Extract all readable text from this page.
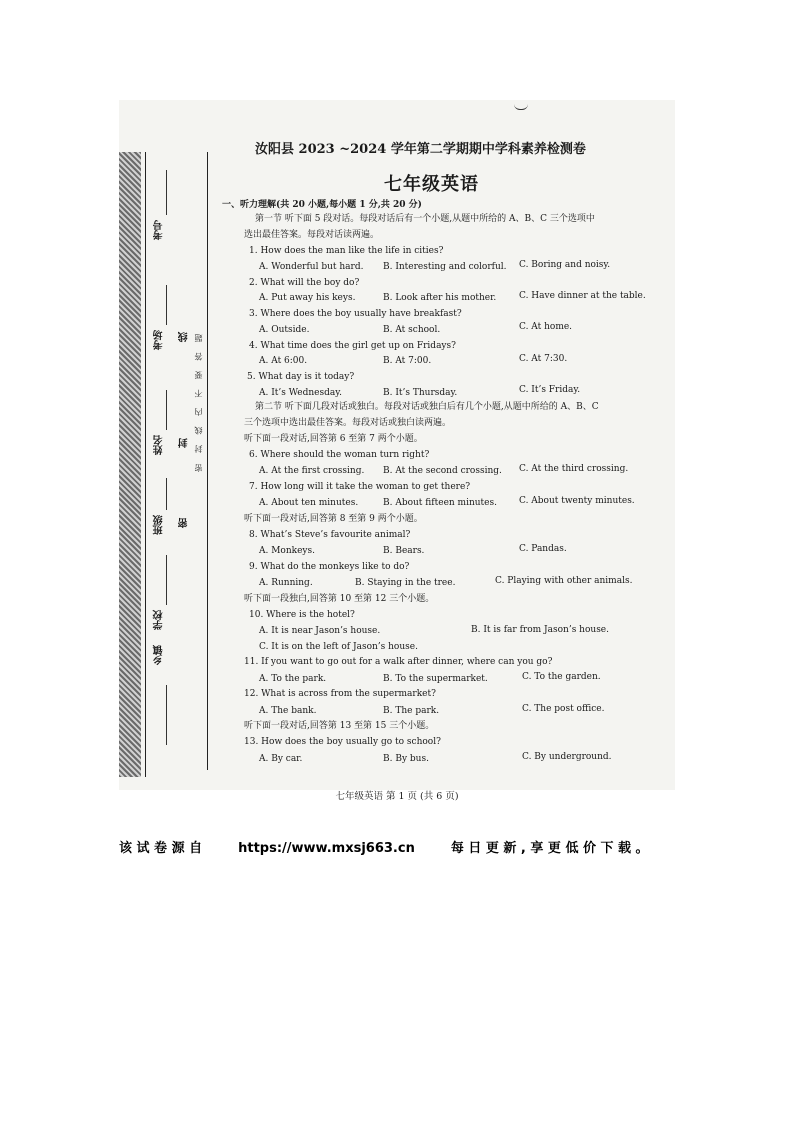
考号
考场
姓名
班级
学校
乡镇
线
封
密
密 封 线 内 不 要 答 题
汝阳县 2023 ~2024 学年第二学期期中学科素养检测卷
七年级英语
一、听力理解(共 20 小题,每小题 1 分,共 20 分)
第一节 听下面 5 段对话。每段对话后有一个小题,从题中所给的 A、B、C 三个选项中
选出最佳答案。每段对话读两遍。
1. How does the man like the life in cities?
A. Wonderful but hard. B. Interesting and colorful. C. Boring and noisy.
2. What will the boy do?
A. Put away his keys.	B. Look after his mother.	C. Have dinner at the table.
3. Where does the boy usually have breakfast?
A. Outside.	B. At school.	C. At home.
4. What time does the girl get up on Fridays?
A. At 6:00.	B. At 7:00.	C. At 7:30.
5. What day is it today?
A. It’s Wednesday.	B. It’s Thursday.	C. It’s Friday.
第二节 听下面几段对话或独白。每段对话或独白后有几个小题,从题中所给的 A、B、C
三个选项中选出最佳答案。每段对话或独白读两遍。
听下面一段对话,回答第 6 至第 7 两个小题。
6. Where should the woman turn right?
A. At the first crossing. B. At the second crossing. C. At the third crossing.
7. How long will it take the woman to get there?
A. About ten minutes.	B. About fifteen minutes. C. About twenty minutes.
听下面一段对话,回答第 8 至第 9 两个小题。
8. What’s Steve’s favourite animal?
A. Monkeys.	B. Bears.	C. Pandas.
9. What do the monkeys like to do?
A. Running.	B. Staying in the tree.	C. Playing with other animals.
听下面一段独白,回答第 10 至第 12 三个小题。
10. Where is the hotel?
A. It is near Jason’s house.	B. It is far from Jason’s house.
C. It is on the left of Jason’s house.
11. If you want to go out for a walk after dinner, where can you go?
A. To the park.	B. To the supermarket.	C. To the garden.
12. What is across from the supermarket?
A. The bank.	B. The park.	C. The post office.
听下面一段对话,回答第 13 至第 15 三个小题。
13. How does the boy usually go to school?
A. By car.	B. By bus.	C. By underground.
七年级英语 第 1 页 (共 6 页)
该 试 卷 源 自	https://www.mxsj663.cn	每 日 更 新 , 享 更 低 价 下 载 。
